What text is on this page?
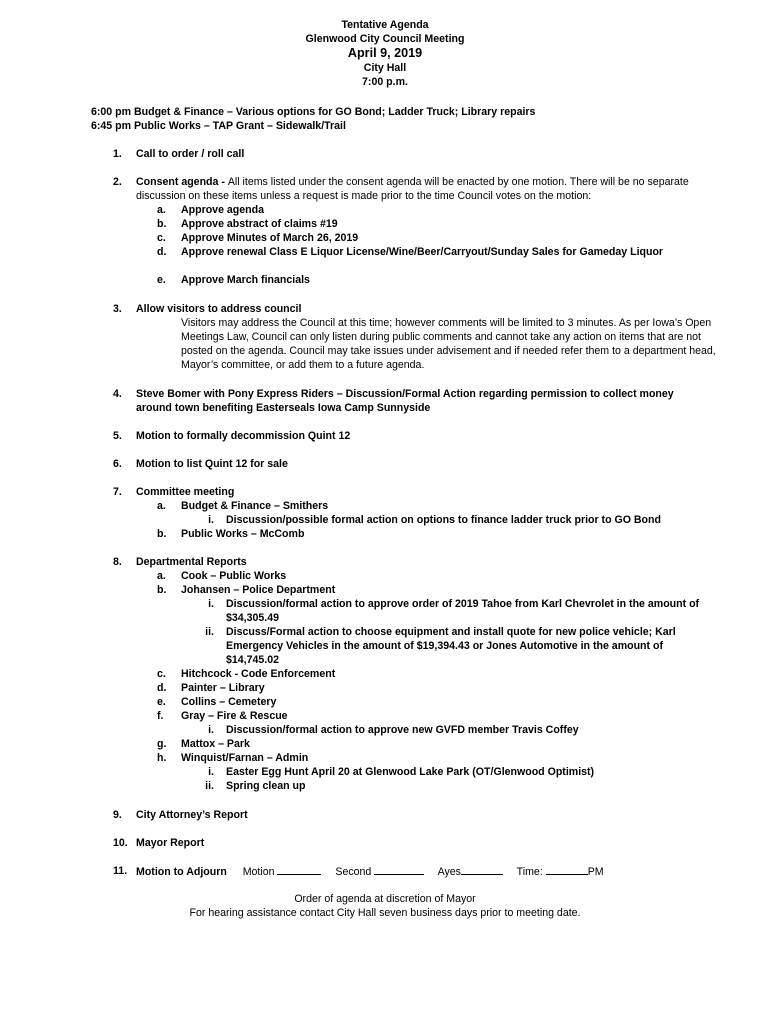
Tentative Agenda
Glenwood City Council Meeting
April 9, 2019
City Hall
7:00 p.m.
6:00 pm Budget & Finance – Various options for GO Bond; Ladder Truck; Library repairs
6:45 pm Public Works – TAP Grant – Sidewalk/Trail
1. Call to order / roll call
2. Consent agenda - All items listed under the consent agenda will be enacted by one motion. There will be no separate discussion on these items unless a request is made prior to the time Council votes on the motion:
a. Approve agenda
b. Approve abstract of claims #19
c. Approve Minutes of March 26, 2019
d. Approve renewal Class E Liquor License/Wine/Beer/Carryout/Sunday Sales for Gameday Liquor
e. Approve March financials
3. Allow visitors to address council
Visitors may address the Council at this time; however comments will be limited to 3 minutes. As per Iowa’s Open Meetings Law, Council can only listen during public comments and cannot take any action on items that are not posted on the agenda. Council may take issues under advisement and if needed refer them to a department head, Mayor’s committee, or add them to a future agenda.
4. Steve Bomer with Pony Express Riders – Discussion/Formal Action regarding permission to collect money around town benefiting Easterseals Iowa Camp Sunnyside
5. Motion to formally decommission Quint 12
6. Motion to list Quint 12 for sale
7. Committee meeting
a. Budget & Finance – Smithers
i. Discussion/possible formal action on options to finance ladder truck prior to GO Bond
b. Public Works – McComb
8. Departmental Reports
a. Cook – Public Works
b. Johansen – Police Department
i. Discussion/formal action to approve order of 2019 Tahoe from Karl Chevrolet in the amount of $34,305.49
ii. Discuss/Formal action to choose equipment and install quote for new police vehicle; Karl Emergency Vehicles in the amount of $19,394.43 or Jones Automotive in the amount of $14,745.02
c. Hitchcock - Code Enforcement
d. Painter – Library
e. Collins – Cemetery
f. Gray – Fire & Rescue
i. Discussion/formal action to approve new GVFD member Travis Coffey
g. Mattox – Park
h. Winquist/Farnan – Admin
i. Easter Egg Hunt April 20 at Glenwood Lake Park (OT/Glenwood Optimist)
ii. Spring clean up
9. City Attorney’s Report
10. Mayor Report
11. Motion to Adjourn Motion	Second	Ayes	Time:	PM
Order of agenda at discretion of Mayor
For hearing assistance contact City Hall seven business days prior to meeting date.
